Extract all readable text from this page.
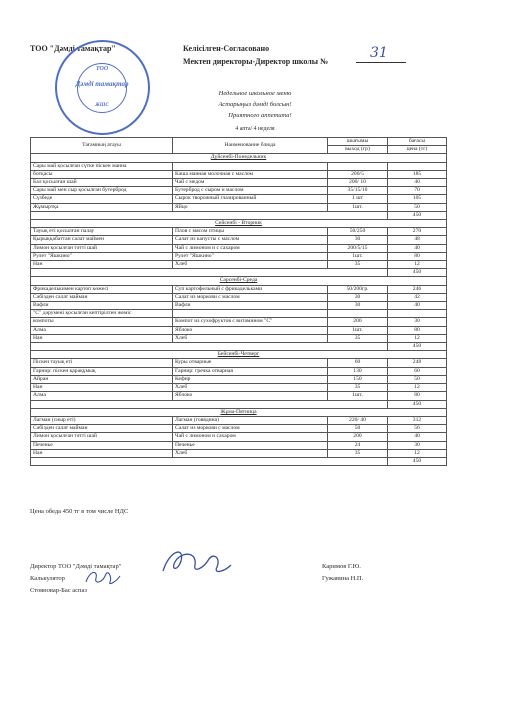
ТОО "Дәмді тамақтар"	Келісілген-Согласовано
Мектеп директоры-Директор школы №
31
ТОО
Дәмді тамақтар
ЖШС
Недельное школьное меню
Астарыңыз дәмді болсын!
Приятного аппетита!
4 апта/ 4 неделя
Тағамның атауы	Наименование блюда	шығымы	бағасы
		выход (гр)	цена (тг)
Дүйсенбі-Понедельник			
Сары май қосылған сүтке піскен манна			
ботқасы	Каша манная молочная с маслом	200/5	185
Бал қосылған шай	Чай с медом	200/ 10	40
Сары май мен сыр қосылған бутерброд	Бутерброд с сыром и маслом	35/15/10	70
Сүзбеде	Сырок творожный глазированный	1 шт	105
Жұмыртқа	Яйцо	1шт.	50
			450
Сейсенбі - Вторник			
Тауық еті қосылған палау	Плов с мясом птицы	50/250	270
Қырыққабаттан салат маймен	Салат из капусты с маслом	30	48
Лимон қосылған тәтті шай	Чай с лимоном и с сахаром	200/5/15	40
Рулет "Яшкино"	Рулет "Яшкино"	1шт.	80
Нан	Хлеб	35	12
			450
Сәрсенбі-Среда			
Фрикаделькимен картоп көжесі	Суп картофельный с фрикадельками	50/200гр.	246
Сәбізден салат майман	Салат из моркови с маслом	30	42
Вафли	Вафли	30	40
"С" дәрумені қосылған кептірілген жеміс			
компоты	Компот из сухофруктов с витамином "С"	200	30
Алма	Яблоко	1шт.	80
Нан	Хлеб	35	12
			450
Бейсенбі-Четверг			
Піскен тауық еті	Куры отварные	60	248
Гарнир: піскен қарақұмық	Гарнир: гречка отварная	130	60
Айран	Кефир	150	50
Нан	Хлеб	35	12
Алма	Яблоко	1шт.	80
			450
Жұма-Пятница			
Лагман (сиыр еті)	Лагман (говядина)	220/ 40	312
Сәбізден салат майман	Салат из моркови с маслом	50	56
Лимон қосылған тәтті шай	Чай с лимоном и сахаром	200	40
Печенье	Печенье	24	30
Нан	Хлеб	35	12
			450
Цена обеда 450 тг в том числе НДС
Директор ТОО "Дәмді тамақтар"	Каримов Г.Ю.
Калькулятор	Гужавина Н.П.
Стояновар-Бас аспаз
